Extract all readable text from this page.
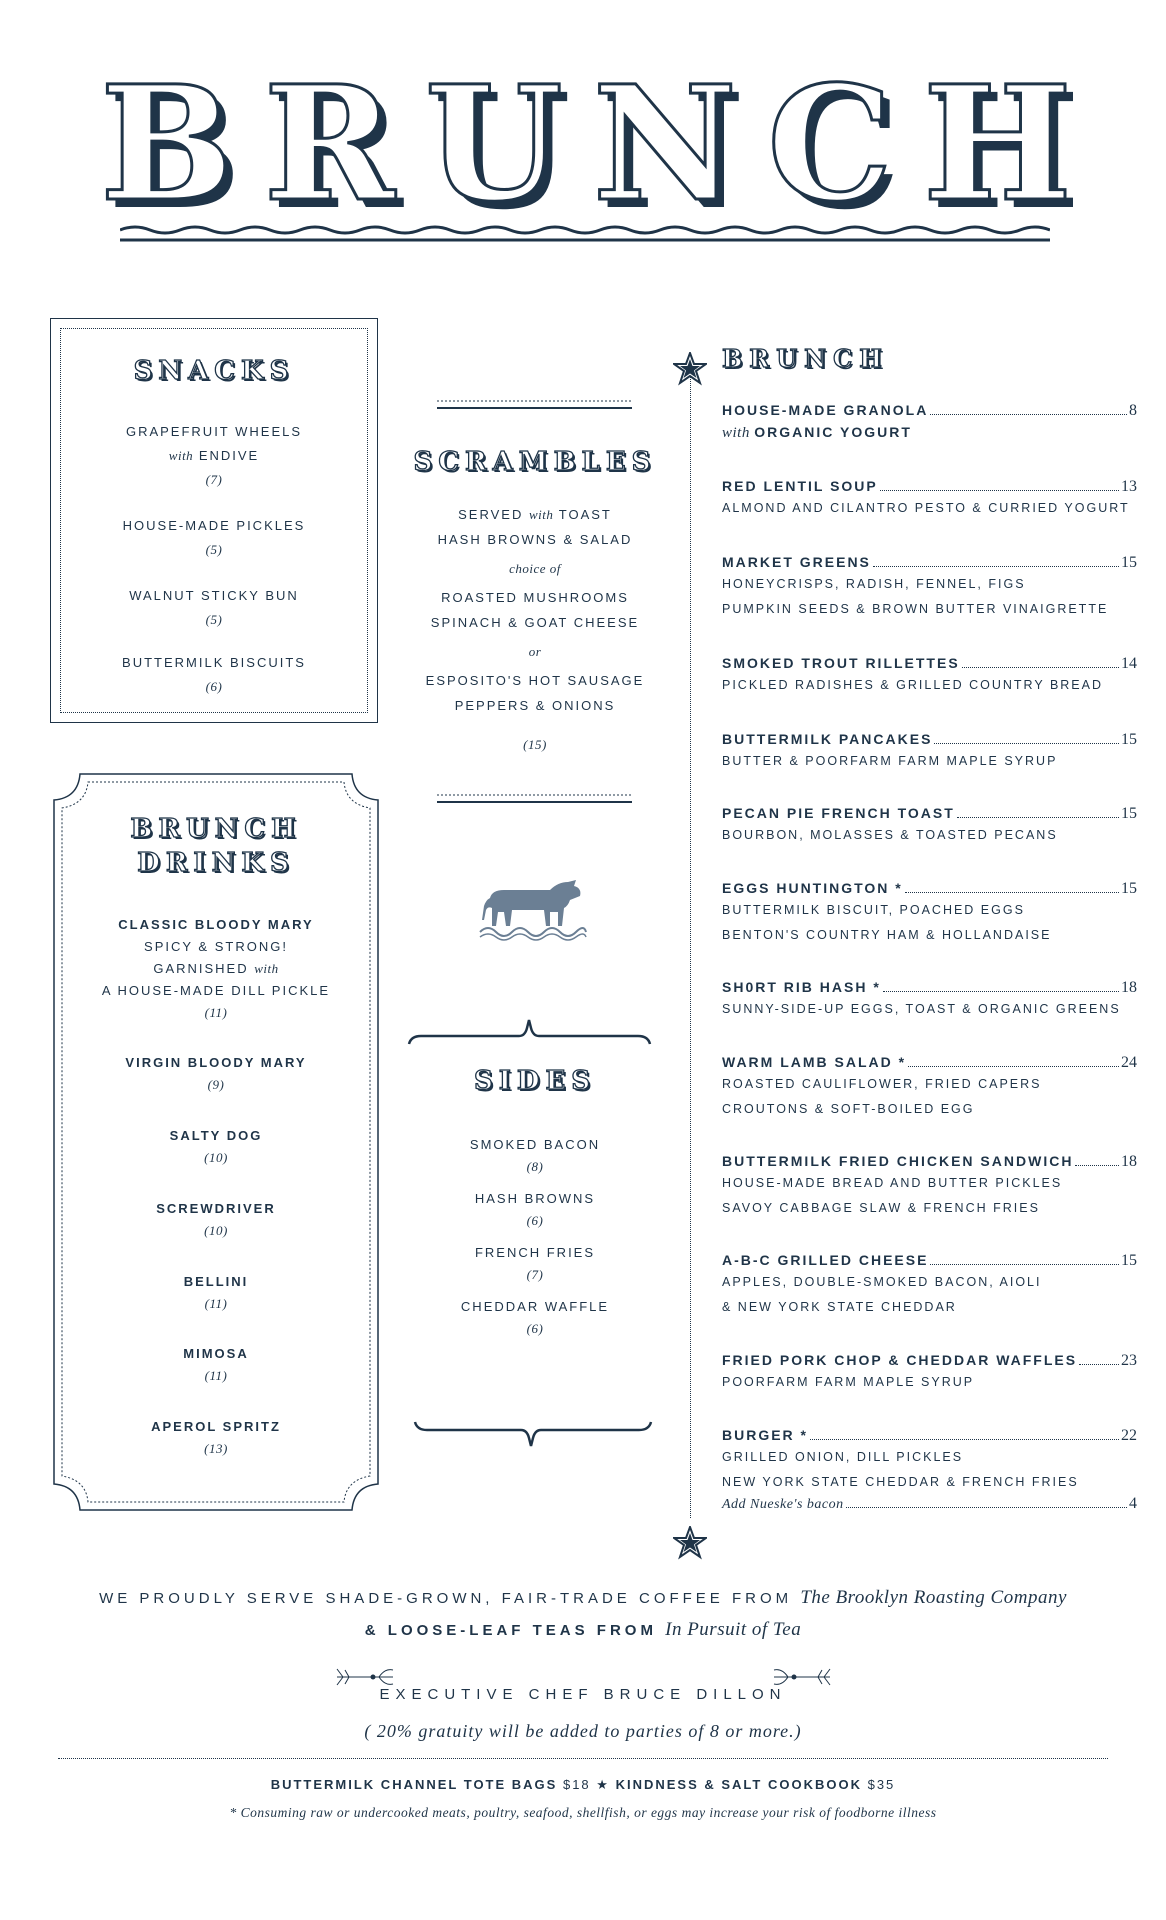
BRUNCH
SNACKS
GRAPEFRUIT WHEELS
with ENDIVE
(7)
HOUSE-MADE PICKLES
(5)
WALNUT STICKY BUN
(5)
BUTTERMILK BISCUITS
(6)
BRUNCH
DRINKS
CLASSIC BLOODY MARY
SPICY & STRONG!
GARNISHED with
A HOUSE-MADE DILL PICKLE
(11)
VIRGIN BLOODY MARY
(9)
SALTY DOG
(10)
SCREWDRIVER
(10)
BELLINI
(11)
MIMOSA
(11)
APEROL SPRITZ
(13)
SCRAMBLES
SERVED with TOAST
HASH BROWNS & SALAD
choice of
ROASTED MUSHROOMS
SPINACH & GOAT CHEESE
or
ESPOSITO'S HOT SAUSAGE
PEPPERS & ONIONS
(15)
SIDES
SMOKED BACON
(8)
HASH BROWNS
(6)
FRENCH FRIES
(7)
CHEDDAR WAFFLE
(6)
BRUNCH
HOUSE-MADE GRANOLA	8
with ORGANIC YOGURT
RED LENTIL SOUP	13
ALMOND AND CILANTRO PESTO & CURRIED YOGURT
MARKET GREENS	15
HONEYCRISPS, RADISH, FENNEL, FIGS
PUMPKIN SEEDS & BROWN BUTTER VINAIGRETTE
SMOKED TROUT RILLETTES	14
PICKLED RADISHES & GRILLED COUNTRY BREAD
BUTTERMILK PANCAKES	15
BUTTER & POORFARM FARM MAPLE SYRUP
PECAN PIE FRENCH TOAST	15
BOURBON, MOLASSES & TOASTED PECANS
EGGS HUNTINGTON *	15
BUTTERMILK BISCUIT, POACHED EGGS
BENTON'S COUNTRY HAM & HOLLANDAISE
SH0RT RIB HASH *	18
SUNNY-SIDE-UP EGGS, TOAST & ORGANIC GREENS
WARM LAMB SALAD *	24
ROASTED CAULIFLOWER, FRIED CAPERS
CROUTONS & SOFT-BOILED EGG
BUTTERMILK FRIED CHICKEN SANDWICH	18
HOUSE-MADE BREAD AND BUTTER PICKLES
SAVOY CABBAGE SLAW & FRENCH FRIES
A-B-C GRILLED CHEESE	15
APPLES, DOUBLE-SMOKED BACON, AIOLI
& NEW YORK STATE CHEDDAR
FRIED PORK CHOP & CHEDDAR WAFFLES	23
POORFARM FARM MAPLE SYRUP
BURGER *	22
GRILLED ONION, DILL PICKLES
NEW YORK STATE CHEDDAR & FRENCH FRIES
Add Nueske's bacon	4
WE PROUDLY SERVE SHADE-GROWN, FAIR-TRADE COFFEE FROM The Brooklyn Roasting Company
& LOOSE-LEAF TEAS FROM In Pursuit of Tea
EXECUTIVE CHEF BRUCE DILLON
( 20% gratuity will be added to parties of 8 or more.)
BUTTERMILK CHANNEL TOTE BAGS $18 ★ KINDNESS & SALT COOKBOOK $35
* Consuming raw or undercooked meats, poultry, seafood, shellfish, or eggs may increase your risk of foodborne illness
